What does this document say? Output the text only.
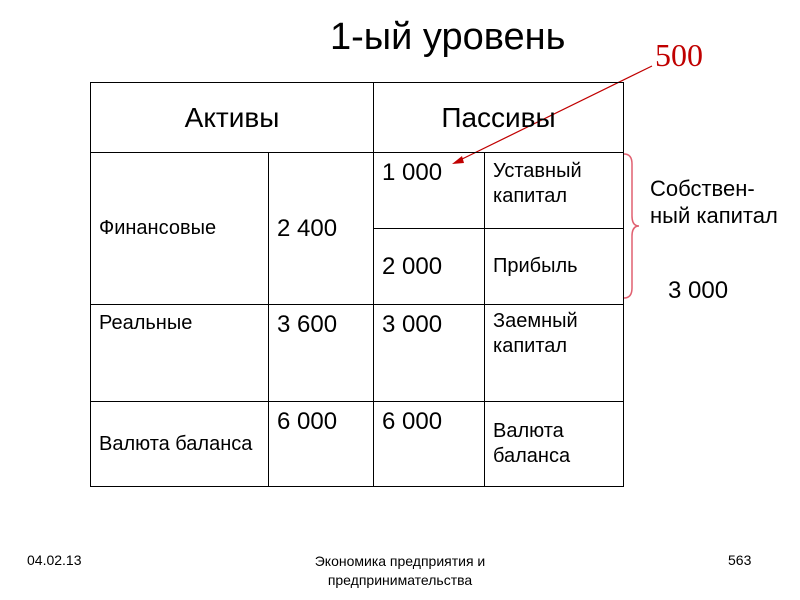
1-ый уровень	500
Активы		Пассивы	
Финансовые	2 400	1 000	Уставный капитал
		2 000	Прибыль
Реальные	3 600	3 000	Заемный капитал
Валюта баланса	6 000	6 000	Валюта баланса
Собствен-ный капитал
3 000
04.02.13	Экономика предприятия и предпринимательства
563
